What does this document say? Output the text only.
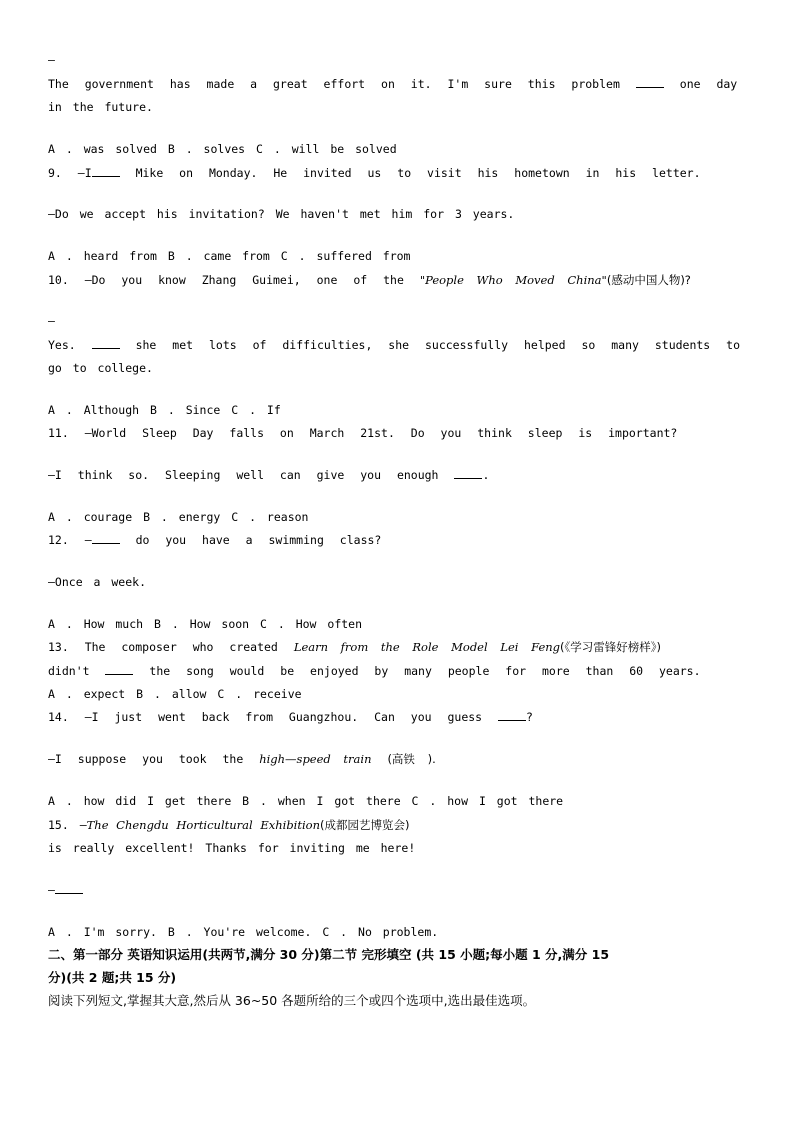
—
The government has made a great effort on it. I'm sure this problem	one day
in the future.
A . was solved B . solves C . will be solved
9. —I	Mike on Monday. He invited us to visit his hometown in his letter.
—Do we accept his invitation? We haven't met him for 3 years.
A . heard from B . came from C . suffered from
10. —Do you know Zhang Guimei, one of the "People Who Moved China"(感动中国人物)?
—
Yes.	she met lots of difficulties, she successfully helped so many students to
go to college.
A . Although B . Since C . If
11. —World Sleep Day falls on March 21st. Do you think sleep is important?
—I think so. Sleeping well can give you enough	.
A . courage B . energy C . reason
12. —	do you have a swimming class?
—Once a week.
A . How much B . How soon C . How often
13. The composer who created Learn from the Role Model Lei Feng(《学习雷锋好榜样》)
didn't	the song would be enjoyed by many people for more than 60 years.
A . expect B . allow C . receive
14. —I just went back from Guangzhou. Can you guess	?
—I suppose you took the high—speed train (高铁 ).
A . how did I get there B . when I got there C . how I got there
15. —The Chengdu Horticultural Exhibition(成都园艺博览会)
is really excellent! Thanks for inviting me here!
—
A . I'm sorry. B . You're welcome. C . No problem.
二、第一部分 英语知识运用(共两节,满分 30 分)第二节 完形填空 (共 15 小题;每小题 1 分,满分 15
分)(共 2 题;共 15 分)
阅读下列短文,掌握其大意,然后从 36~50 各题所给的三个或四个选项中,选出最佳选项。
